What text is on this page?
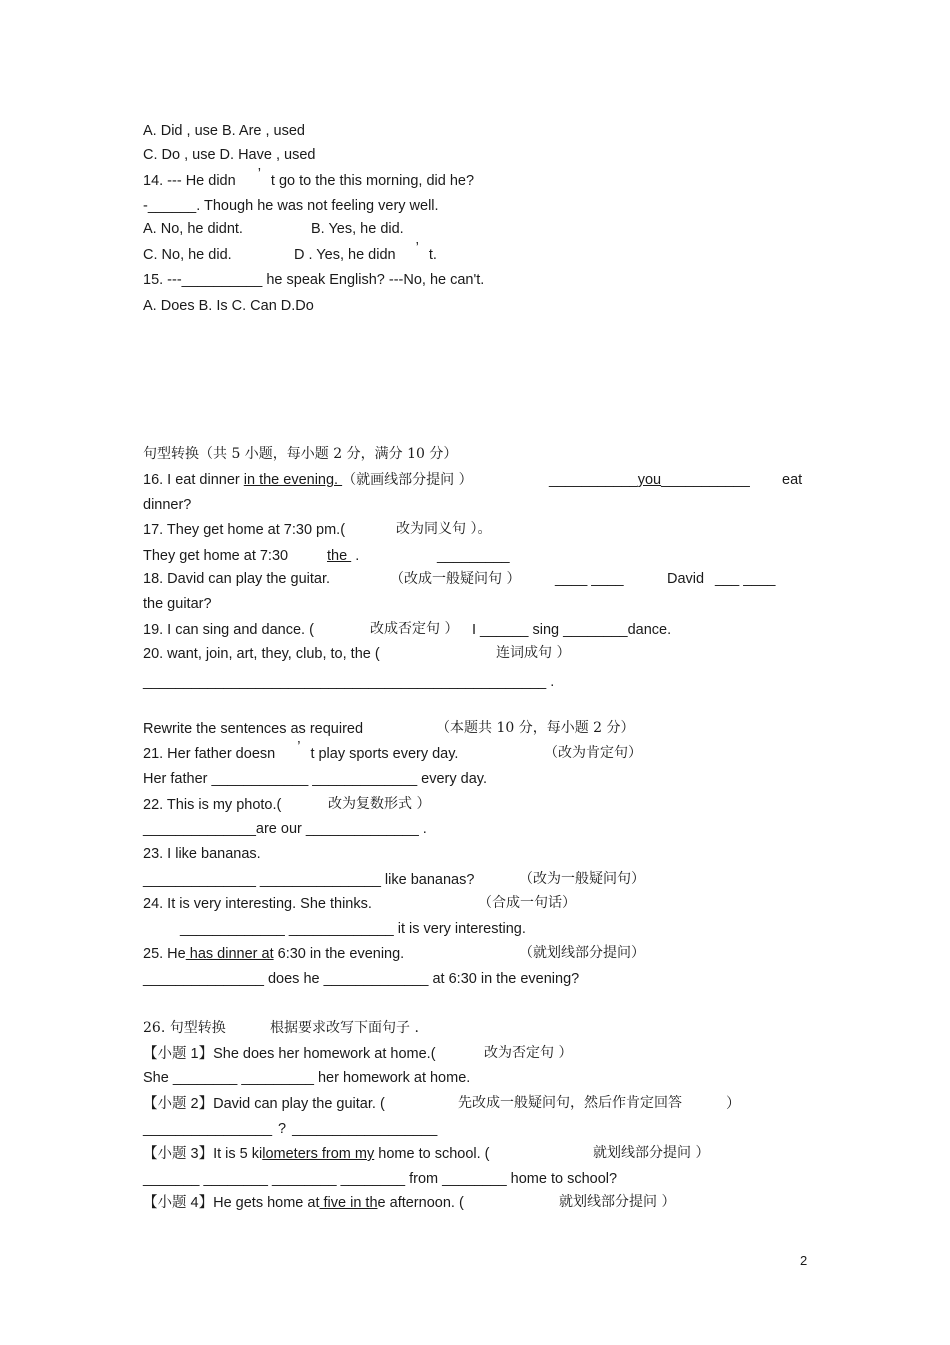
A. Did , use B. Are , used
C. Do , use D. Have , used
14. --- He didn ’ t go to the this morning, did he?
-______. Though he was not feeling very well.
A. No, he didnt.	B. Yes, he did.
C. No, he did.	D . Yes, he didn ’ t.
15. ---__________ he speak English? ---No, he can't.
A. Does B. Is C. Can D.Do
句型转换（共 5 小题，每小题 2 分，满分 10 分）
16. I eat dinner in the evening. （就画线部分提问 ）	___________you___________ eat
dinner?
17. They get home at 7:30 pm.(	改为同义句 ）。
They get home at 7:30	the .	_________
18. David can play the guitar.	（改成一般疑问句 ） ____ ____	David ___ ____
the guitar?
19. I can sing and dance. (	改成否定句 ） I ______ sing ________dance.
20. want, join, art, they, club, to, the (	连词成句 ）
__________________________________________________ .
Rewrite the sentences as required	（本题共 10 分，每小题 2 分）
21. Her father doesn ’ t play sports every day.	（改为肯定句）
Her father ____________ _____________ every day.
22. This is my photo.(	改为复数形式 ）
______________are our ______________ .
23. I like bananas.
______________ _______________ like bananas?	（改为一般疑问句）
24. It is very interesting. She thinks.	（合成一句话）
_____________ _____________ it is very interesting.
25. He has dinner at 6:30 in the evening.	（就划线部分提问）
_______________ does he _____________ at 6:30 in the evening?
26. 句型转换	根据要求改写下面句子 .
【小题 1】She does her homework at home.(	改为否定句 ）
She ________ _________ her homework at home.
【小题 2】David can play the guitar. (	先改成一般疑问句，然后作肯定回答	）
________________ ? __________________
【小题 3】It is 5 kilometers from my home to school. (	就划线部分提问 ）
_______ ________ ________ ________ from ________ home to school?
【小题 4】He gets home at five in the afternoon. (	就划线部分提问 ）
2
